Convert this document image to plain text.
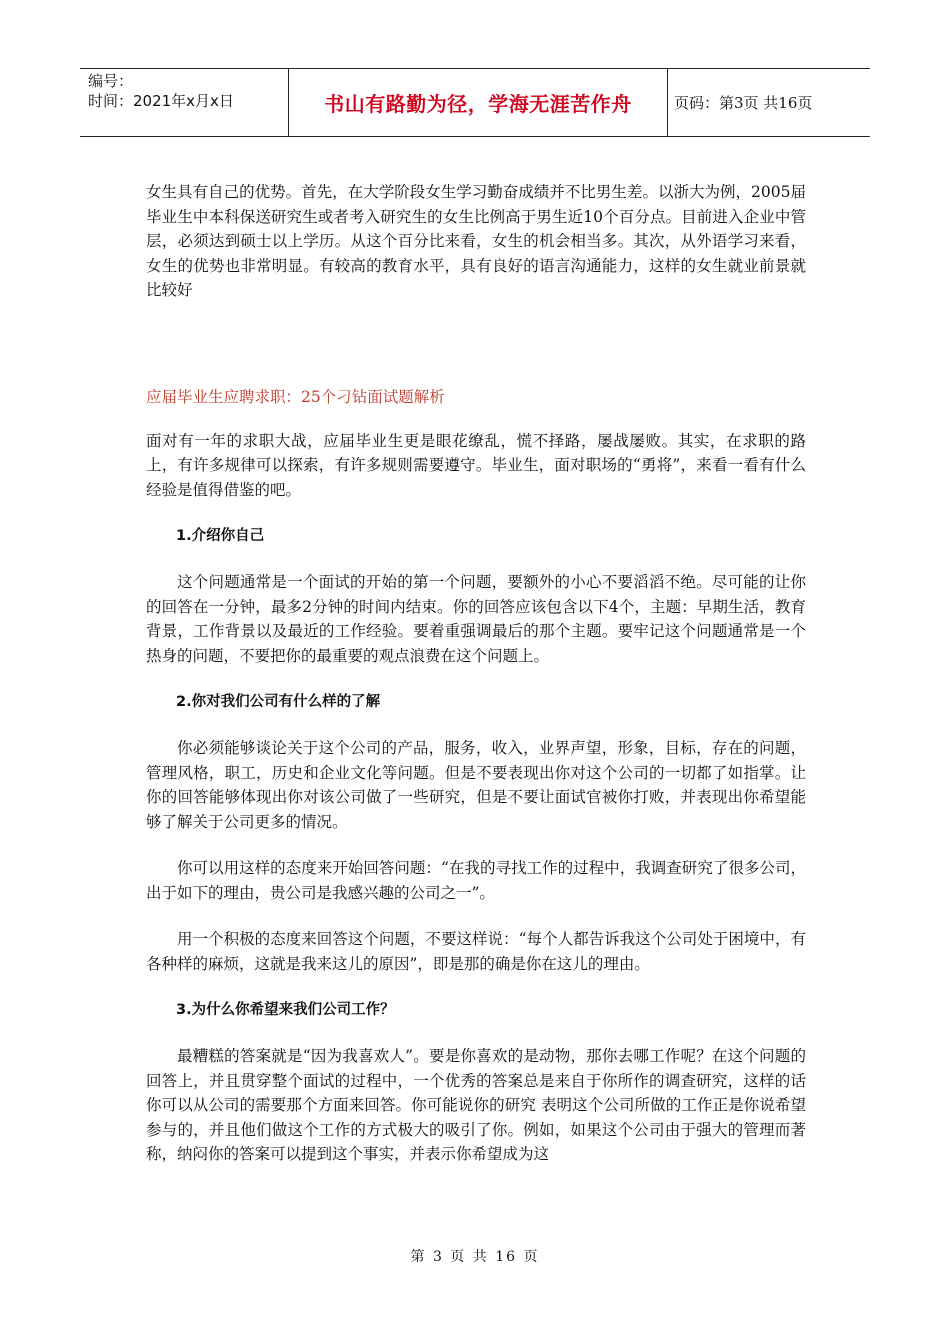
编号：
时间：2021年x月x日	书山有路勤为径，学海无涯苦作舟	页码：第3页 共16页

女生具有自己的优势。首先，在大学阶段女生学习勤奋成绩并不比男生差。以浙大为例，2005届毕业生中本科保送研究生或者考入研究生的女生比例高于男生近10个百分点。目前进入企业中管层，必须达到硕士以上学历。从这个百分比来看，女生的机会相当多。其次，从外语学习来看，女生的优势也非常明显。有较高的教育水平，具有良好的语言沟通能力，这样的女生就业前景就比较好

应届毕业生应聘求职：25个刁钻面试题解析

面对有一年的求职大战，应届毕业生更是眼花缭乱，慌不择路，屡战屡败。其实，在求职的路上，有许多规律可以探索，有许多规则需要遵守。毕业生，面对职场的“勇将”，来看一看有什么经验是值得借鉴的吧。

1.介绍你自己

这个问题通常是一个面试的开始的第一个问题，要额外的小心不要滔滔不绝。尽可能的让你的回答在一分钟，最多2分钟的时间内结束。你的回答应该包含以下4个，主题：早期生活，教育背景，工作背景以及最近的工作经验。要着重强调最后的那个主题。要牢记这个问题通常是一个热身的问题，不要把你的最重要的观点浪费在这个问题上。

2.你对我们公司有什么样的了解

你必须能够谈论关于这个公司的产品，服务，收入，业界声望，形象，目标，存在的问题，管理风格，职工，历史和企业文化等问题。但是不要表现出你对这个公司的一切都了如指掌。让你的回答能够体现出你对该公司做了一些研究，但是不要让面试官被你打败，并表现出你希望能够了解关于公司更多的情况。

你可以用这样的态度来开始回答问题：“在我的寻找工作的过程中，我调查研究了很多公司，出于如下的理由，贵公司是我感兴趣的公司之一”。

用一个积极的态度来回答这个问题，不要这样说：“每个人都告诉我这个公司处于困境中，有各种样的麻烦，这就是我来这儿的原因”，即是那的确是你在这儿的理由。

3.为什么你希望来我们公司工作？

最糟糕的答案就是“因为我喜欢人”。要是你喜欢的是动物，那你去哪工作呢？在这个问题的回答上，并且贯穿整个面试的过程中，一个优秀的答案总是来自于你所作的调查研究，这样的话你可以从公司的需要那个方面来回答。你可能说你的研究 表明这个公司所做的工作正是你说希望参与的，并且他们做这个工作的方式极大的吸引了你。例如，如果这个公司由于强大的管理而著称，纳闷你的答案可以提到这个事实，并表示你希望成为这

第 3 页 共 16 页
